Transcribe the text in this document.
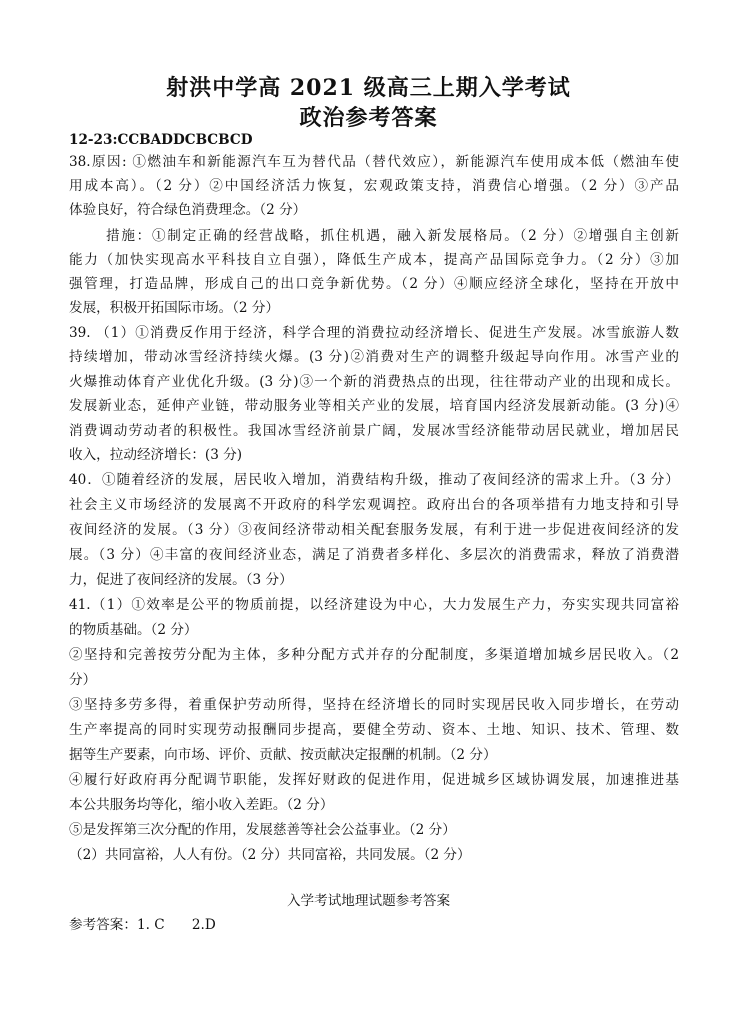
射洪中学高 2021 级高三上期入学考试
政治参考答案
12-23:CCBADDCBCBCD
38.原因: ①燃油车和新能源汽车互为替代品（替代效应），新能源汽车使用成本低（燃油车使
用成本高）。（2 分）②中国经济活力恢复，宏观政策支持，消费信心增强。（2 分）③产品
体验良好，符合绿色消费理念。（2 分）
措施：①制定正确的经营战略，抓住机遇，融入新发展格局。（2 分）②增强自主创新
能力（加快实现高水平科技自立自强），降低生产成本，提高产品国际竞争力。（2 分）③加
强管理，打造品牌，形成自己的出口竞争新优势。（2 分）④顺应经济全球化，坚持在开放中
发展，积极开拓国际市场。（2 分）
39. （1）①消费反作用于经济，科学合理的消费拉动经济增长、促进生产发展。冰雪旅游人数
持续增加，带动冰雪经济持续火爆。(3 分)②消费对生产的调整升级起导向作用。冰雪产业的
火爆推动体育产业优化升级。(3 分)③一个新的消费热点的出现，往往带动产业的出现和成长。
发展新业态，延伸产业链，带动服务业等相关产业的发展，培育国内经济发展新动能。(3 分)④
消费调动劳动者的积极性。我国冰雪经济前景广阔，发展冰雪经济能带动居民就业，增加居民
收入，拉动经济增长：(3 分)
40．①随着经济的发展，居民收入增加，消费结构升级，推动了夜间经济的需求上升。（3 分）
社会主义市场经济的发展离不开政府的科学宏观调控。政府出台的各项举措有力地支持和引导
夜间经济的发展。（3 分）③夜间经济带动相关配套服务发展，有利于进一步促进夜间经济的发
展。（3 分）④丰富的夜间经济业态，满足了消费者多样化、多层次的消费需求，释放了消费潜
力，促进了夜间经济的发展。（3 分）
41.（1）①效率是公平的物质前提，以经济建设为中心，大力发展生产力，夯实实现共同富裕
的物质基础。（2 分）
②坚持和完善按劳分配为主体，多种分配方式并存的分配制度，多渠道增加城乡居民收入。（2
分）
③坚持多劳多得，着重保护劳动所得，坚持在经济增长的同时实现居民收入同步增长，在劳动
生产率提高的同时实现劳动报酬同步提高，要健全劳动、资本、土地、知识、技术、管理、数
据等生产要素，向市场、评价、贡献、按贡献决定报酬的机制。（2 分）
④履行好政府再分配调节职能，发挥好财政的促进作用，促进城乡区域协调发展，加速推进基
本公共服务均等化，缩小收入差距。（2 分）
⑤是发挥第三次分配的作用，发展慈善等社会公益事业。（2 分）
（2）共同富裕，人人有份。（2 分）共同富裕，共同发展。（2 分）
入学考试地理试题参考答案
参考答案：1. C　　2.D
